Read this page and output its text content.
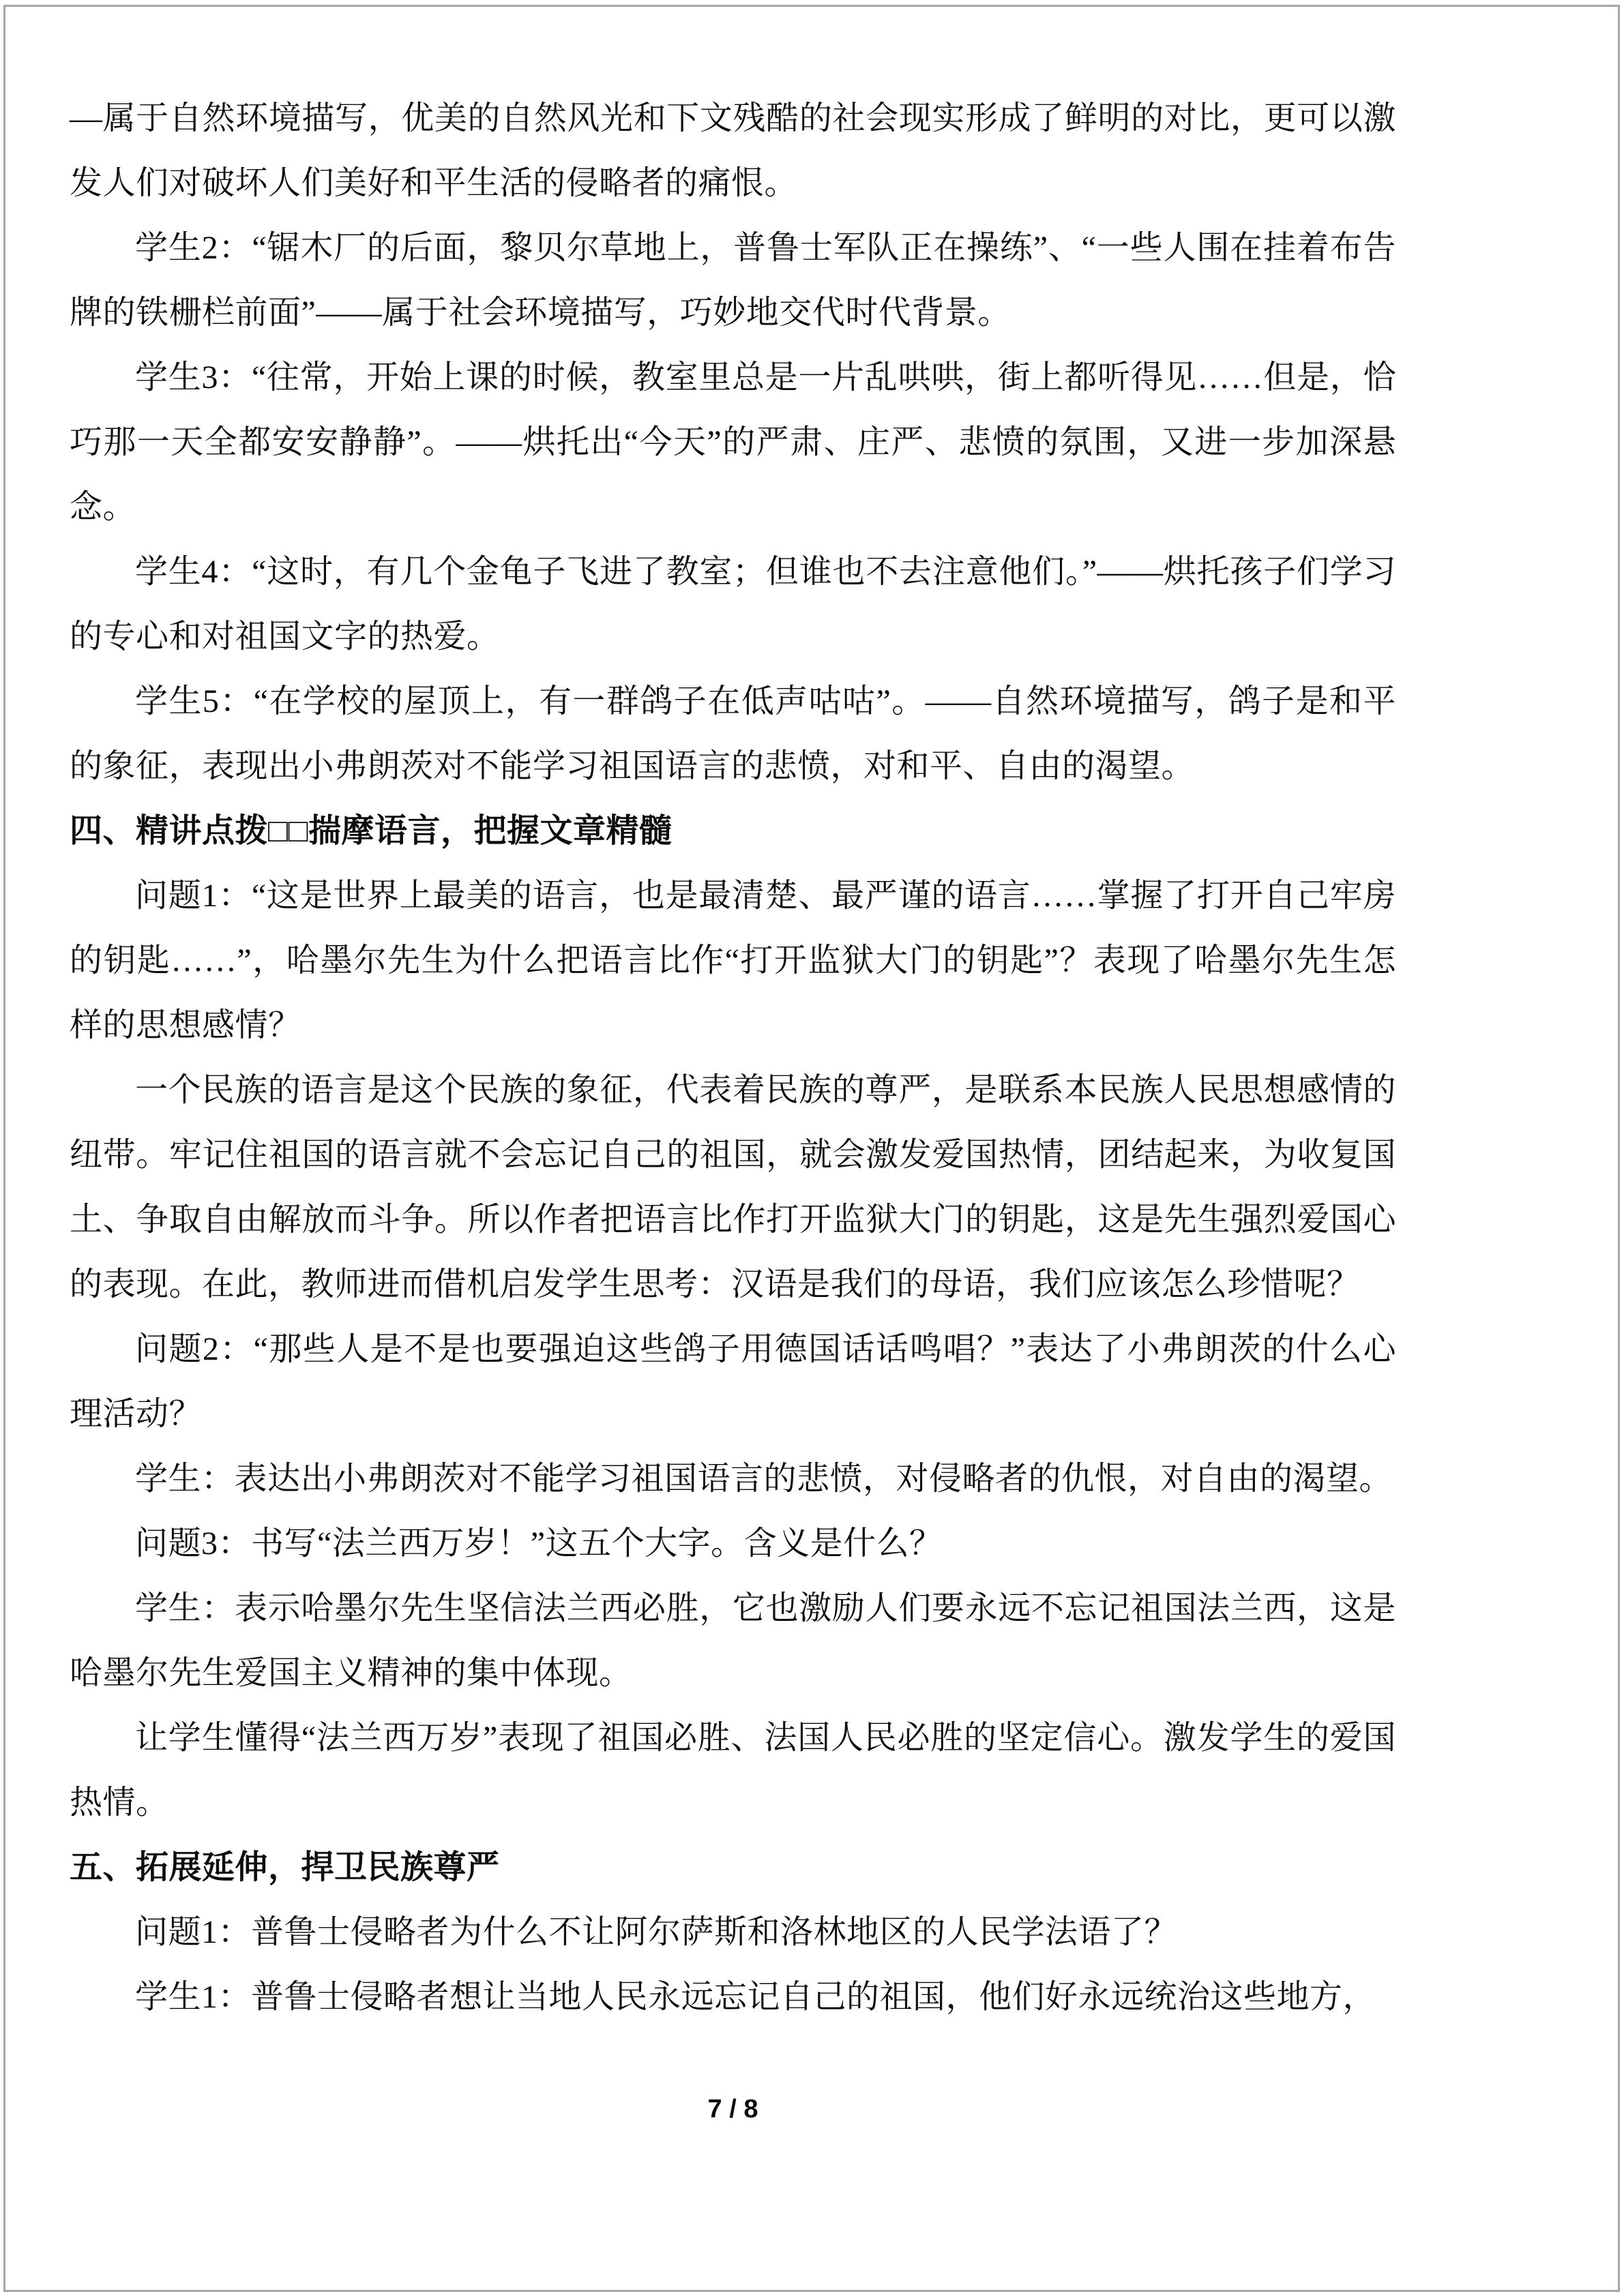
—属于自然环境描写，优美的自然风光和下文残酷的社会现实形成了鲜明的对比，更可以激发人们对破坏人们美好和平生活的侵略者的痛恨。

学生2：“锯木厂的后面，黎贝尔草地上，普鲁士军队正在操练”、“一些人围在挂着布告牌的铁栅栏前面”——属于社会环境描写，巧妙地交代时代背景。

学生3：“往常，开始上课的时候，教室里总是一片乱哄哄，街上都听得见……但是，恰巧那一天全都安安静静”。——烘托出“今天”的严肃、庄严、悲愤的氛围，又进一步加深悬念。

学生4：“这时，有几个金龟子飞进了教室；但谁也不去注意他们。”——烘托孩子们学习的专心和对祖国文字的热爱。

学生5：“在学校的屋顶上，有一群鸽子在低声咕咕”。——自然环境描写，鸽子是和平的象征，表现出小弗朗茨对不能学习祖国语言的悲愤，对和平、自由的渴望。

四、精讲点拨□□揣摩语言，把握文章精髓

问题1：“这是世界上最美的语言，也是最清楚、最严谨的语言……掌握了打开自己牢房的钥匙……”，哈墨尔先生为什么把语言比作“打开监狱大门的钥匙”？表现了哈墨尔先生怎样的思想感情？

一个民族的语言是这个民族的象征，代表着民族的尊严，是联系本民族人民思想感情的纽带。牢记住祖国的语言就不会忘记自己的祖国，就会激发爱国热情，团结起来，为收复国土、争取自由解放而斗争。所以作者把语言比作打开监狱大门的钥匙，这是先生强烈爱国心的表现。在此，教师进而借机启发学生思考：汉语是我们的母语，我们应该怎么珍惜呢？

问题2：“那些人是不是也要强迫这些鸽子用德国话话鸣唱？”表达了小弗朗茨的什么心理活动？

学生：表达出小弗朗茨对不能学习祖国语言的悲愤，对侵略者的仇恨，对自由的渴望。

问题3：书写“法兰西万岁！”这五个大字。含义是什么？

学生：表示哈墨尔先生坚信法兰西必胜，它也激励人们要永远不忘记祖国法兰西，这是哈墨尔先生爱国主义精神的集中体现。

让学生懂得“法兰西万岁”表现了祖国必胜、法国人民必胜的坚定信心。激发学生的爱国热情。

五、拓展延伸，捍卫民族尊严

问题1：普鲁士侵略者为什么不让阿尔萨斯和洛林地区的人民学法语了？

学生1：普鲁士侵略者想让当地人民永远忘记自己的祖国，他们好永远统治这些地方，

7 / 8
